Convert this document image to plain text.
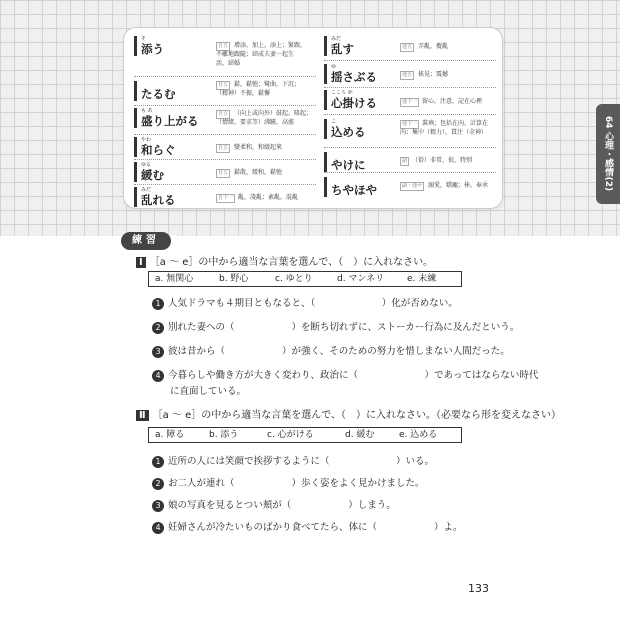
そ
添う	自五 增添，加上，添上；緊跟，
不離地跟隨；結成夫妻一起生
活，結婚
たるむ
自五 鬆，鬆弛；彎曲，下沉；
（精神）不振，鬆懈
も あ
盛り上がる	自五 （向上或向外）鼓起，隆起；
（情緒、要求等）沸騰，高漲
やわ
和らぐ	自五 變柔和，和緩起來
ゆる
緩む	自五 鬆散，緩和，鬆弛
みだ
乱れる	自下一 亂，凌亂；紊亂，混亂
みだ
乱す	他五 弄亂，攪亂
ゆ
揺さぶる	他五 搖晃；震撼
こころ が
心掛ける	他下一 留心，注意，記在心裡
こ
込める
他下一 裝填；包括在內，計算在
內；集中（精力），貫注（全神）
やけに	副 （俗）非常，很，特別
ちやほや	副・他サ 溺愛，嬌寵；捧，奉承	64 心理・感情(2)
練習
Ⅰ ［a ～ e］の中から適当な言葉を選んで、（　）に入れなさい。
a. 無関心	b. 野心	c. ゆとり	d. マンネリ	e. 未練
1 人気ドラマも４期目ともなると、（　　　　　　　）化が否めない。
2 別れた妻への（　　　　　　）を断ち切れずに、ストーカー行為に及んだという。
3 彼は昔から（　　　　　　）が強く、そのための努力を惜しまない人間だった。
4 今暮らしや働き方が大きく変わり、政治に（　　　　　　　）であってはならない時代
に直面している。
Ⅱ ［a ～ e］の中から適当な言葉を選んで、（　）に入れなさい。（必要なら形を変えなさい）
a. 障る	b. 添う	c. 心がける	d. 緩む	e. 込める
1 近所の人には笑顔で挨拶するように（　　　　　　　）いる。
2 お二人が連れ（　　　　　　）歩く姿をよく見かけました。
3 娘の写真を見るとつい頬が（　　　　　　）しまう。
4 妊婦さんが冷たいものばかり食べてたら、体に（　　　　　　）よ。
133
